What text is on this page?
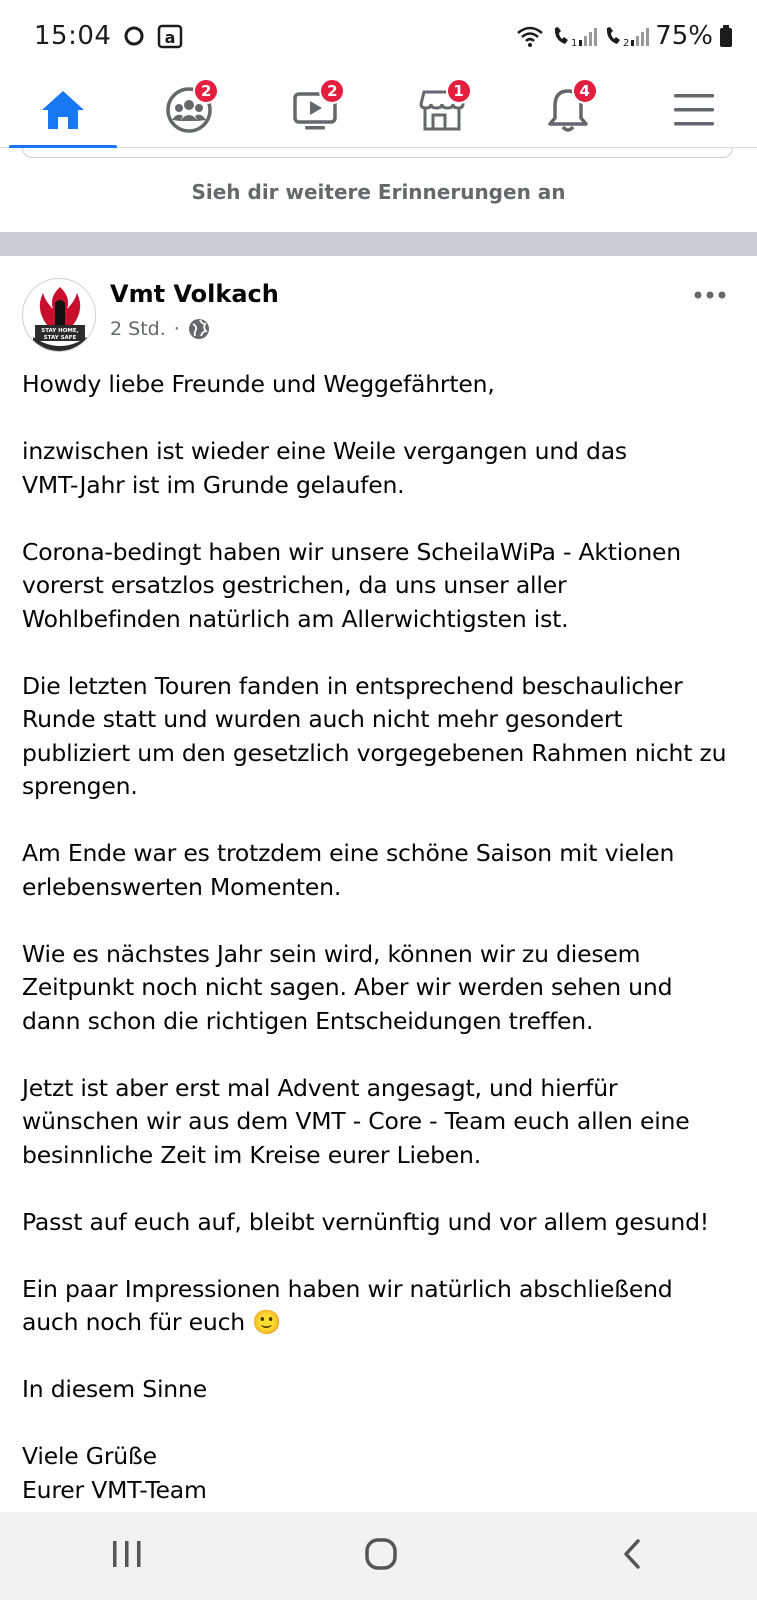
15:04	a	1	2 75%
2	2	1	4
Sieh dir weitere Erinnerungen an
STAY HOME,
STAY SAFE
Vmt Volkach
2 Std. ·

Howdy liebe Freunde und Weggefährten,

inzwischen ist wieder eine Weile vergangen und das
VMT-Jahr ist im Grunde gelaufen.

Corona-bedingt haben wir unsere ScheilaWiPa - Aktionen
vorerst ersatzlos gestrichen, da uns unser aller
Wohlbefinden natürlich am Allerwichtigsten ist.

Die letzten Touren fanden in entsprechend beschaulicher
Runde statt und wurden auch nicht mehr gesondert
publiziert um den gesetzlich vorgegebenen Rahmen nicht zu
sprengen.

Am Ende war es trotzdem eine schöne Saison mit vielen
erlebenswerten Momenten.

Wie es nächstes Jahr sein wird, können wir zu diesem
Zeitpunkt noch nicht sagen. Aber wir werden sehen und
dann schon die richtigen Entscheidungen treffen.

Jetzt ist aber erst mal Advent angesagt, und hierfür
wünschen wir aus dem VMT - Core - Team euch allen eine
besinnliche Zeit im Kreise eurer Lieben.

Passt auf euch auf, bleibt vernünftig und vor allem gesund!

Ein paar Impressionen haben wir natürlich abschließend
auch noch für euch 🙂

In diesem Sinne

Viele Grüße
Eurer VMT-Team
